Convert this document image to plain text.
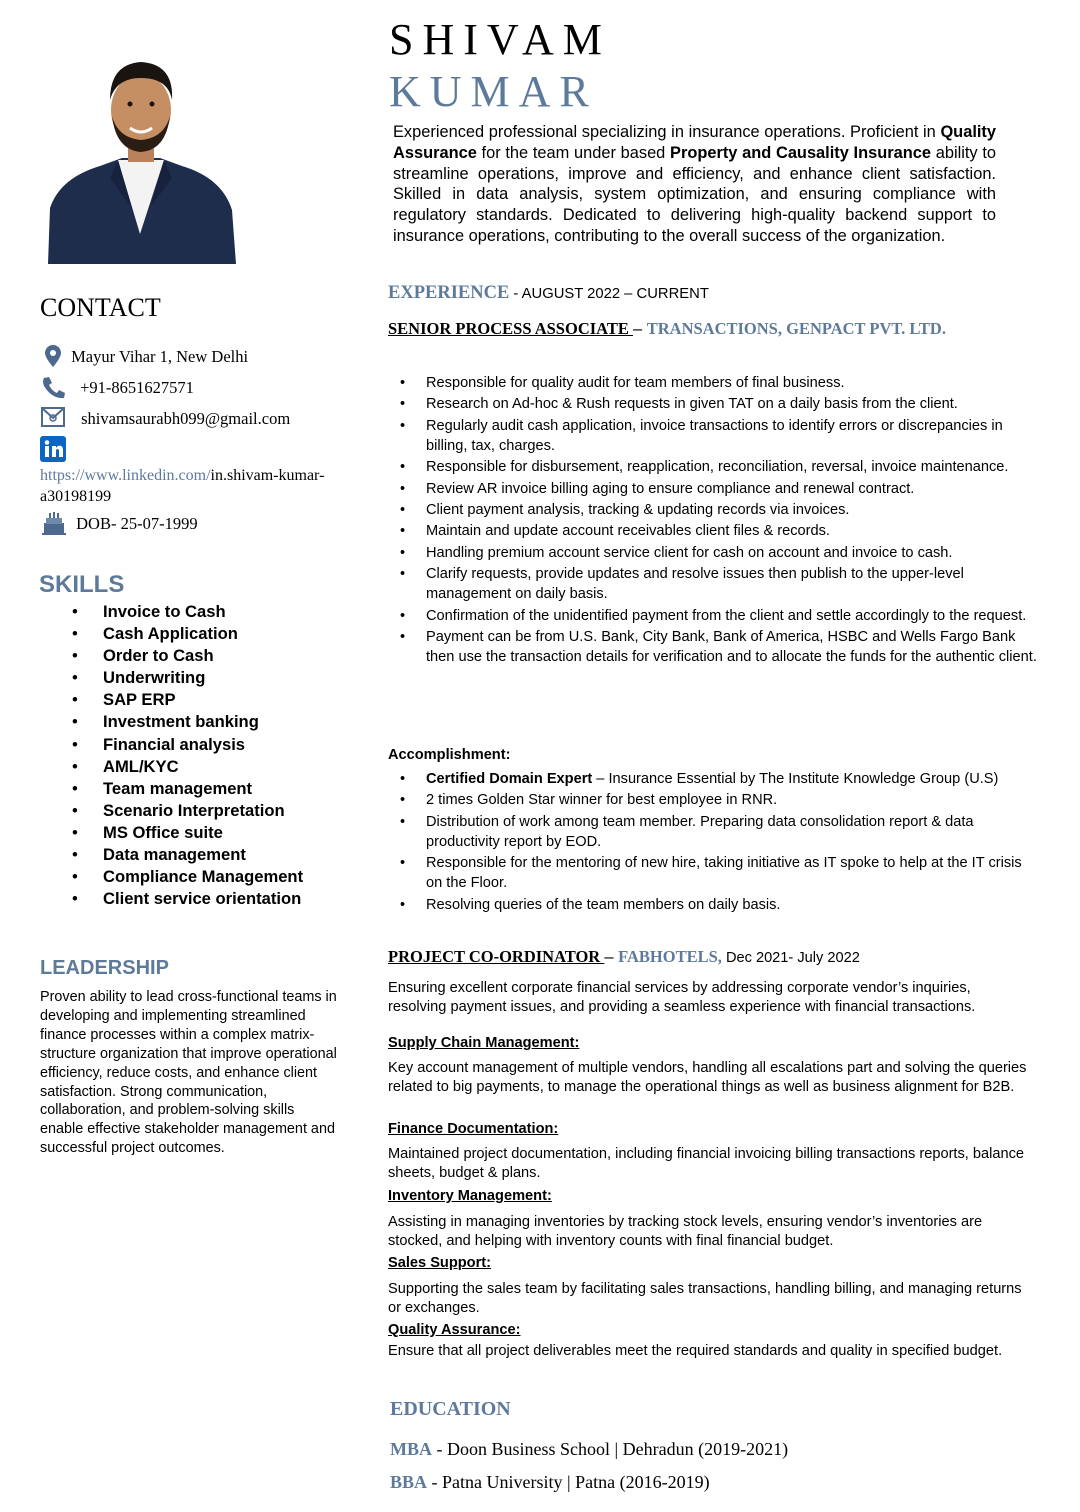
SHIVAM
KUMAR
Experienced professional specializing in insurance operations. Proficient in Quality Assurance for the team under based Property and Causality Insurance ability to streamline operations, improve and efficiency, and enhance client satisfaction. Skilled in data analysis, system optimization, and ensuring compliance with regulatory standards. Dedicated to delivering high-quality backend support to insurance operations, contributing to the overall success of the organization.
CONTACT
Mayur Vihar 1, New Delhi
+91-8651627571
shivamsaurabh099@gmail.com
https://www.linkedin.com/in.shivam-kumar-a30198199
DOB- 25-07-1999
SKILLS
• Invoice to Cash
• Cash Application
• Order to Cash
• Underwriting
• SAP ERP
• Investment banking
• Financial analysis
• AML/KYC
• Team management
• Scenario Interpretation
• MS Office suite
• Data management
• Compliance Management
• Client service orientation
LEADERSHIP
Proven ability to lead cross-functional teams in developing and implementing streamlined finance processes within a complex matrix-structure organization that improve operational efficiency, reduce costs, and enhance client satisfaction. Strong communication, collaboration, and problem-solving skills enable effective stakeholder management and successful project outcomes.
EXPERIENCE - AUGUST 2022 – CURRENT
SENIOR PROCESS ASSOCIATE – TRANSACTIONS, GENPACT PVT. LTD.
• Responsible for quality audit for team members of final business.
• Research on Ad-hoc & Rush requests in given TAT on a daily basis from the client.
• Regularly audit cash application, invoice transactions to identify errors or discrepancies in billing, tax, charges.
• Responsible for disbursement, reapplication, reconciliation, reversal, invoice maintenance.
• Review AR invoice billing aging to ensure compliance and renewal contract.
• Client payment analysis, tracking & updating records via invoices.
• Maintain and update account receivables client files & records.
• Handling premium account service client for cash on account and invoice to cash.
• Clarify requests, provide updates and resolve issues then publish to the upper-level management on daily basis.
• Confirmation of the unidentified payment from the client and settle accordingly to the request.
• Payment can be from U.S. Bank, City Bank, Bank of America, HSBC and Wells Fargo Bank then use the transaction details for verification and to allocate the funds for the authentic client.
Accomplishment:
• Certified Domain Expert – Insurance Essential by The Institute Knowledge Group (U.S)
• 2 times Golden Star winner for best employee in RNR.
• Distribution of work among team member. Preparing data consolidation report & data productivity report by EOD.
• Responsible for the mentoring of new hire, taking initiative as IT spoke to help at the IT crisis on the Floor.
• Resolving queries of the team members on daily basis.
PROJECT CO-ORDINATOR – FABHOTELS, Dec 2021- July 2022
Ensuring excellent corporate financial services by addressing corporate vendor’s inquiries, resolving payment issues, and providing a seamless experience with financial transactions.
Supply Chain Management:
Key account management of multiple vendors, handling all escalations part and solving the queries related to big payments, to manage the operational things as well as business alignment for B2B.
Finance Documentation:
Maintained project documentation, including financial invoicing billing transactions reports, balance sheets, budget & plans.
Inventory Management:
Assisting in managing inventories by tracking stock levels, ensuring vendor’s inventories are stocked, and helping with inventory counts with final financial budget.
Sales Support:
Supporting the sales team by facilitating sales transactions, handling billing, and managing returns or exchanges.
Quality Assurance:
Ensure that all project deliverables meet the required standards and quality in specified budget.
EDUCATION
MBA - Doon Business School | Dehradun (2019-2021)
BBA - Patna University | Patna (2016-2019)
